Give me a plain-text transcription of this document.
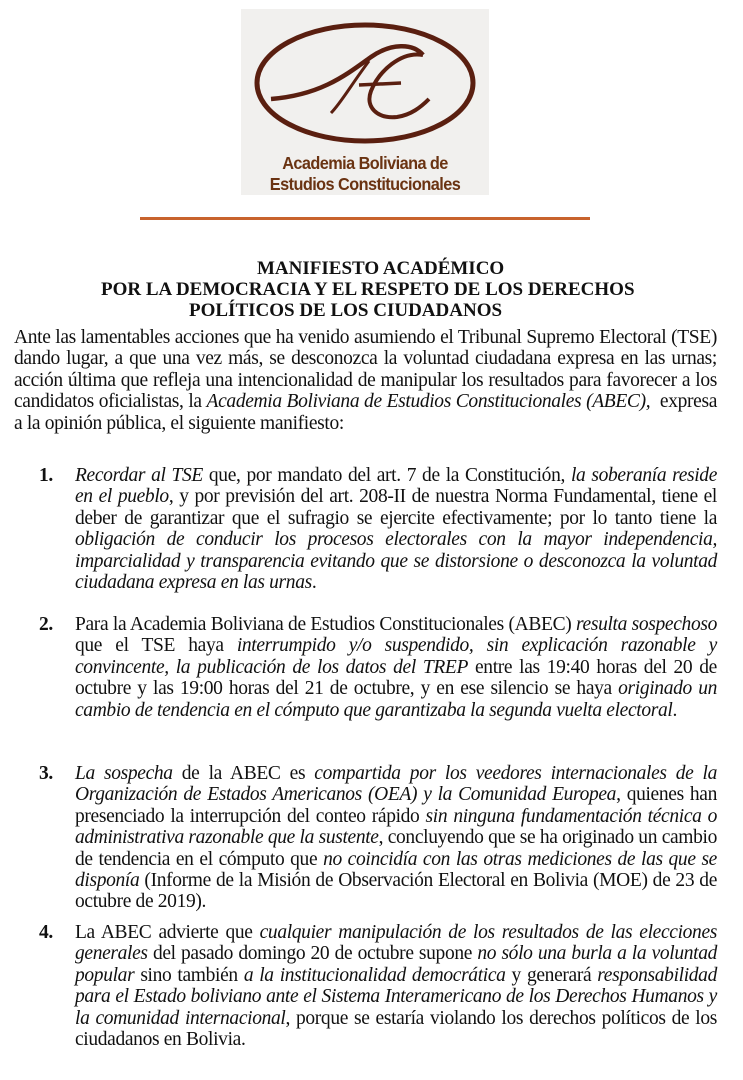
Academia Boliviana de
Estudios Constitucionales
MANIFIESTO ACADÉMICO
POR LA DEMOCRACIA Y EL RESPETO DE LOS DERECHOS
POLÍTICOS DE LOS CIUDADANOS

Ante las lamentables acciones que ha venido asumiendo el Tribunal Supremo Electoral (TSE) dando lugar, a que una vez más, se desconozca la voluntad ciudadana expresa en las urnas; acción última que refleja una intencionalidad de manipular los resultados para favorecer a los candidatos oficialistas, la Academia Boliviana de Estudios Constitucionales (ABEC),  expresa a la opinión pública, el siguiente manifiesto:

1.	Recordar al TSE que, por mandato del art. 7 de la Constitución, la soberanía reside en el pueblo, y por previsión del art. 208-II de nuestra Norma Fundamental, tiene el deber de garantizar que el sufragio se ejercite efectivamente; por lo tanto tiene la obligación de conducir los procesos electorales con la mayor independencia, imparcialidad y transparencia evitando que se distorsione o desconozca la voluntad ciudadana expresa en las urnas.
2.	Para la Academia Boliviana de Estudios Constitucionales (ABEC) resulta sospechoso que el TSE haya interrumpido y/o suspendido, sin explicación razonable y convincente, la publicación de los datos del TREP entre las 19:40 horas del 20 de octubre y las 19:00 horas del 21 de octubre, y en ese silencio se haya originado un cambio de tendencia en el cómputo que garantizaba la segunda vuelta electoral.
3.	La sospecha de la ABEC es compartida por los veedores internacionales de la Organización de Estados Americanos (OEA) y la Comunidad Europea, quienes han presenciado la interrupción del conteo rápido sin ninguna fundamentación técnica o administrativa razonable que la sustente, concluyendo que se ha originado un cambio de tendencia en el cómputo que no coincidía con las otras mediciones de las que se disponía (Informe de la Misión de Observación Electoral en Bolivia (MOE) de 23 de octubre de 2019).
4.	La ABEC advierte que cualquier manipulación de los resultados de las elecciones generales del pasado domingo 20 de octubre supone no sólo una burla a la voluntad popular sino también a la institucionalidad democrática y generará responsabilidad para el Estado boliviano ante el Sistema Interamericano de los Derechos Humanos y la comunidad internacional, porque se estaría violando los derechos políticos de los ciudadanos en Bolivia.
